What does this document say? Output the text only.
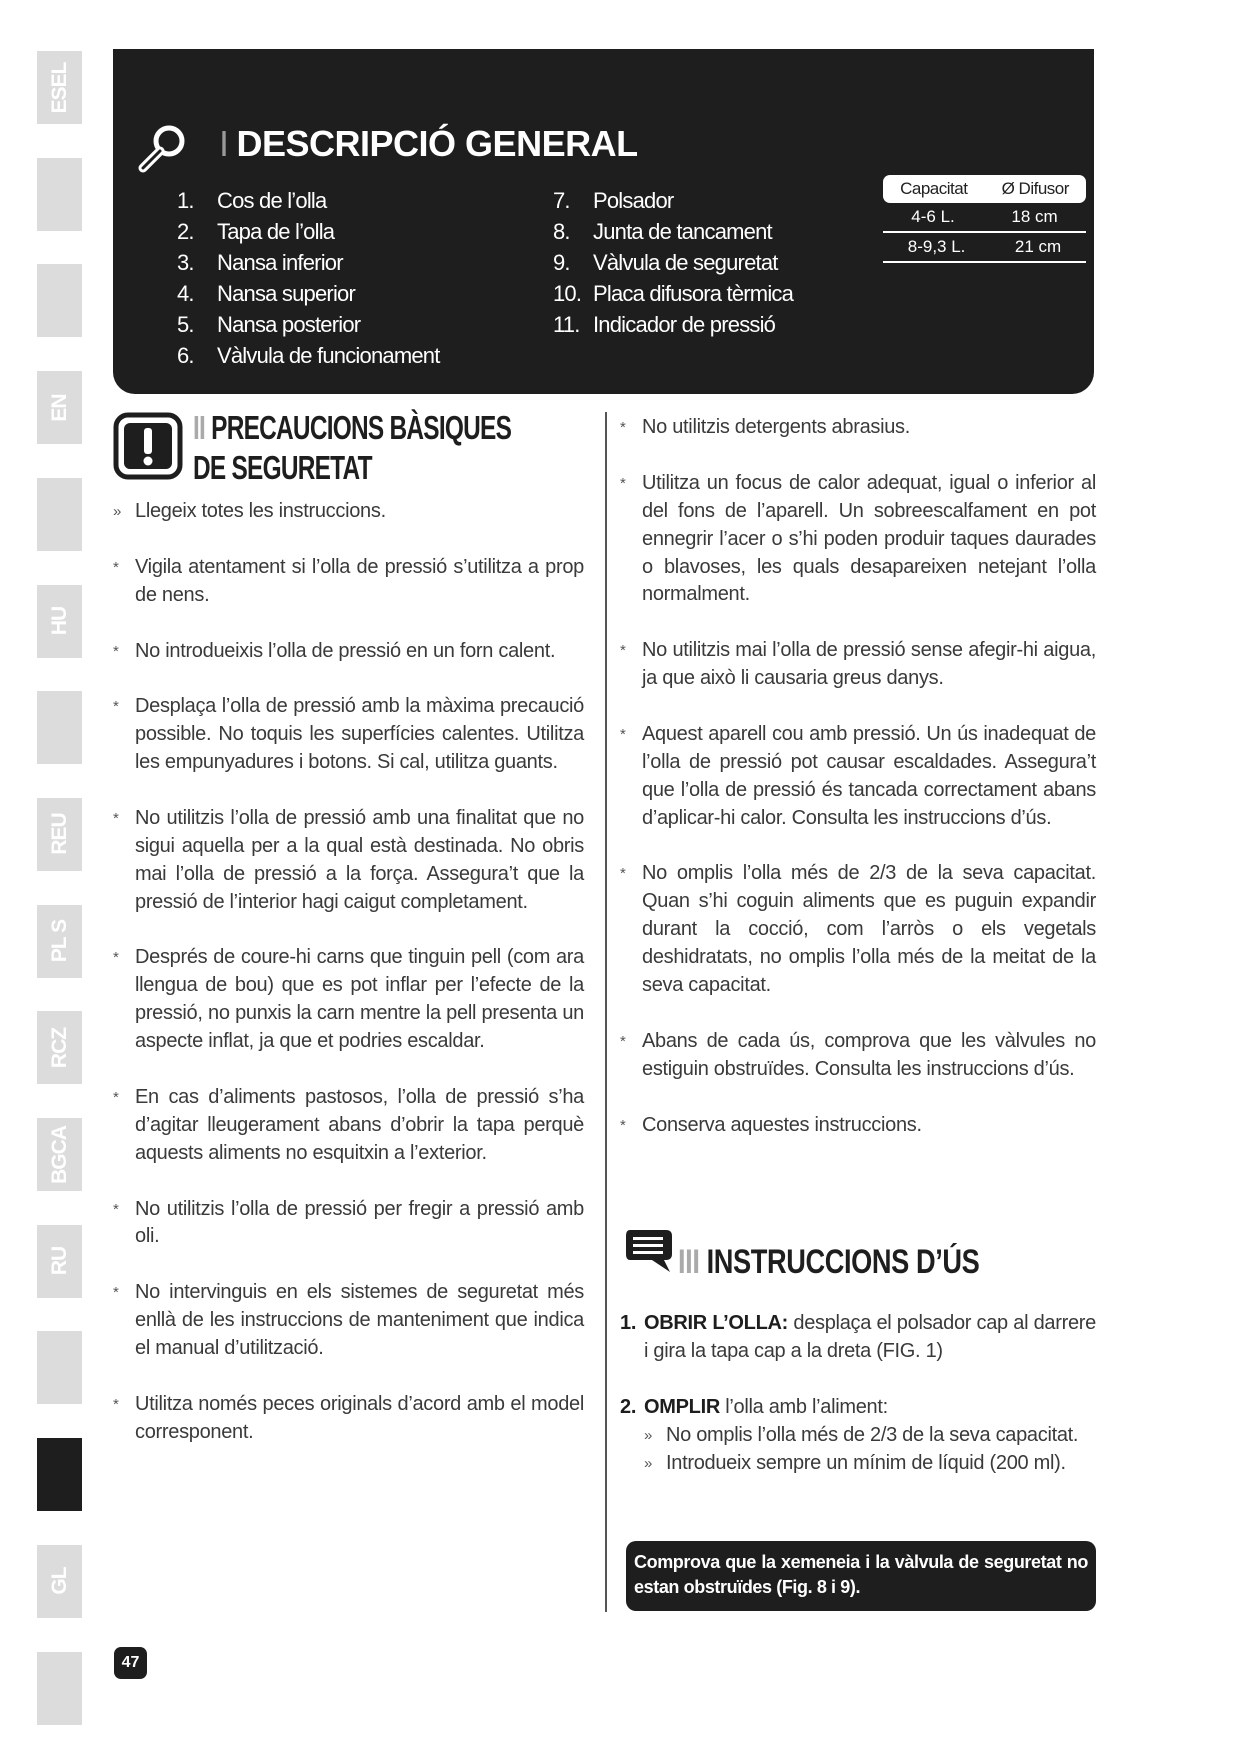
ESEL
EN
HU
REU
PL S
RCZ
BGCA
RU
GL
I DESCRIPCIÓ GENERAL
1. Cos de l’olla
2. Tapa de l’olla
3. Nansa inferior
4. Nansa superior
5. Nansa posterior
6. Vàlvula de funcionament
7. Polsador
8. Junta de tancament
9. Vàlvula de seguretat
10. Placa difusora tèrmica
11. Indicador de pressió
Capacitat Ø Difusor
4-6 L.	18 cm
8-9,3 L.	21 cm
II PRECAUCIONS BÀSIQUES
DE SEGURETAT

» Llegeix totes les instruccions.

* Vigila atentament si l’olla de pressió s’utilitza a prop de nens.

* No introdueixis l’olla de pressió en un forn calent.

* Desplaça l’olla de pressió amb la màxima precaució possible. No toquis les superfícies calentes. Utilitza les empunyadures i botons. Si cal, utilitza guants.

* No utilitzis l’olla de pressió amb una finalitat que no sigui aquella per a la qual està destinada. No obris mai l’olla de pressió a la força. Assegura’t que la pressió de l’interior hagi caigut completament.

* Després de coure-hi carns que tinguin pell (com ara llengua de bou) que es pot inflar per l’efecte de la pressió, no punxis la carn mentre la pell presenta un aspecte inflat, ja que et podries escaldar.

* En cas d’aliments pastosos, l’olla de pressió s’ha d’agitar lleugerament abans d’obrir la tapa perquè aquests aliments no esquitxin a l’exterior.

* No utilitzis l’olla de pressió per fregir a pressió amb oli.

* No intervinguis en els sistemes de seguretat més enllà de les instruccions de manteniment que indica el manual d’utilització.

* Utilitza només peces originals d’acord amb el model corresponent.

* No utilitzis detergents abrasius.

* Utilitza un focus de calor adequat, igual o inferior al del fons de l’aparell. Un sobreescalfament en pot ennegrir l’acer o s’hi poden produir taques daurades o blavoses, les quals desapareixen netejant l’olla normalment.

* No utilitzis mai l’olla de pressió sense afegir-hi aigua, ja que això li causaria greus danys.

* Aquest aparell cou amb pressió. Un ús inadequat de l’olla de pressió pot causar escaldades. Assegura’t que l’olla de pressió és tancada correctament abans d’aplicar-hi calor. Consulta les instruccions d’ús.

* No omplis l’olla més de 2/3 de la seva capacitat. Quan s’hi coguin aliments que es puguin expandir durant la cocció, com l’arròs o els vegetals deshidratats, no omplis l’olla més de la meitat de la seva capacitat.

* Abans de cada ús, comprova que les vàlvules no estiguin obstruïdes. Consulta les instruccions d’ús.

* Conserva aquestes instruccions.

III INSTRUCCIONS D’ÚS

1. OBRIR L’OLLA: desplaça el polsador cap al darrere i gira la tapa cap a la dreta (FIG. 1)

2. OMPLIR l’olla amb l’aliment:

» No omplis l’olla més de 2/3 de la seva capacitat.

» Introdueix sempre un mínim de líquid (200 ml).

Comprova que la xemeneia i la vàlvula de seguretat no estan obstruïdes (Fig. 8 i 9).
47
